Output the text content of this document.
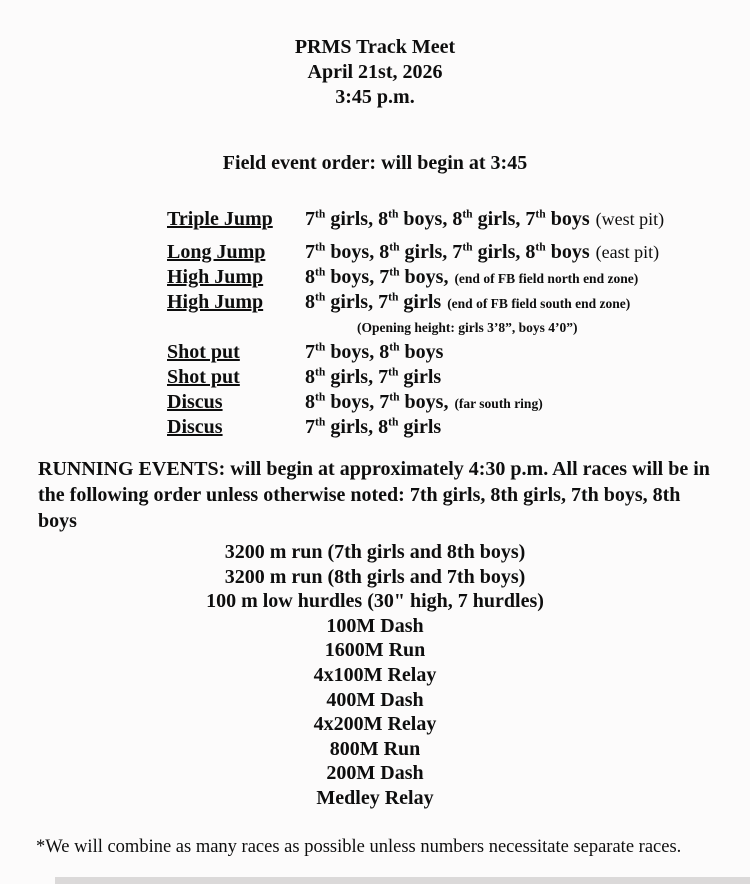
PRMS Track Meet
April 21st, 2026
3:45 p.m.
Field event order: will begin at 3:45
Triple Jump	7th girls, 8th boys, 8th girls, 7th boys (west pit)
Long Jump	7th boys, 8th girls, 7th girls, 8th boys (east pit)
High Jump	8th boys, 7th boys, (end of FB field north end zone)
High Jump	8th girls, 7th girls (end of FB field south end zone)
(Opening height: girls 3’8”, boys 4’0”)
Shot put	7th boys, 8th boys
Shot put	8th girls, 7th girls
Discus	8th boys, 7th boys, (far south ring)
Discus	7th girls, 8th girls

RUNNING EVENTS: will begin at approximately 4:30 p.m. All races will be in the following order unless otherwise noted: 7th girls, 8th girls, 7th boys, 8th boys

3200 m run (7th girls and 8th boys)
3200 m run (8th girls and 7th boys)
100 m low hurdles (30" high, 7 hurdles)
100M Dash
1600M Run
4x100M Relay
400M Dash
4x200M Relay
800M Run
200M Dash
Medley Relay

*We will combine as many races as possible unless numbers necessitate separate races.
